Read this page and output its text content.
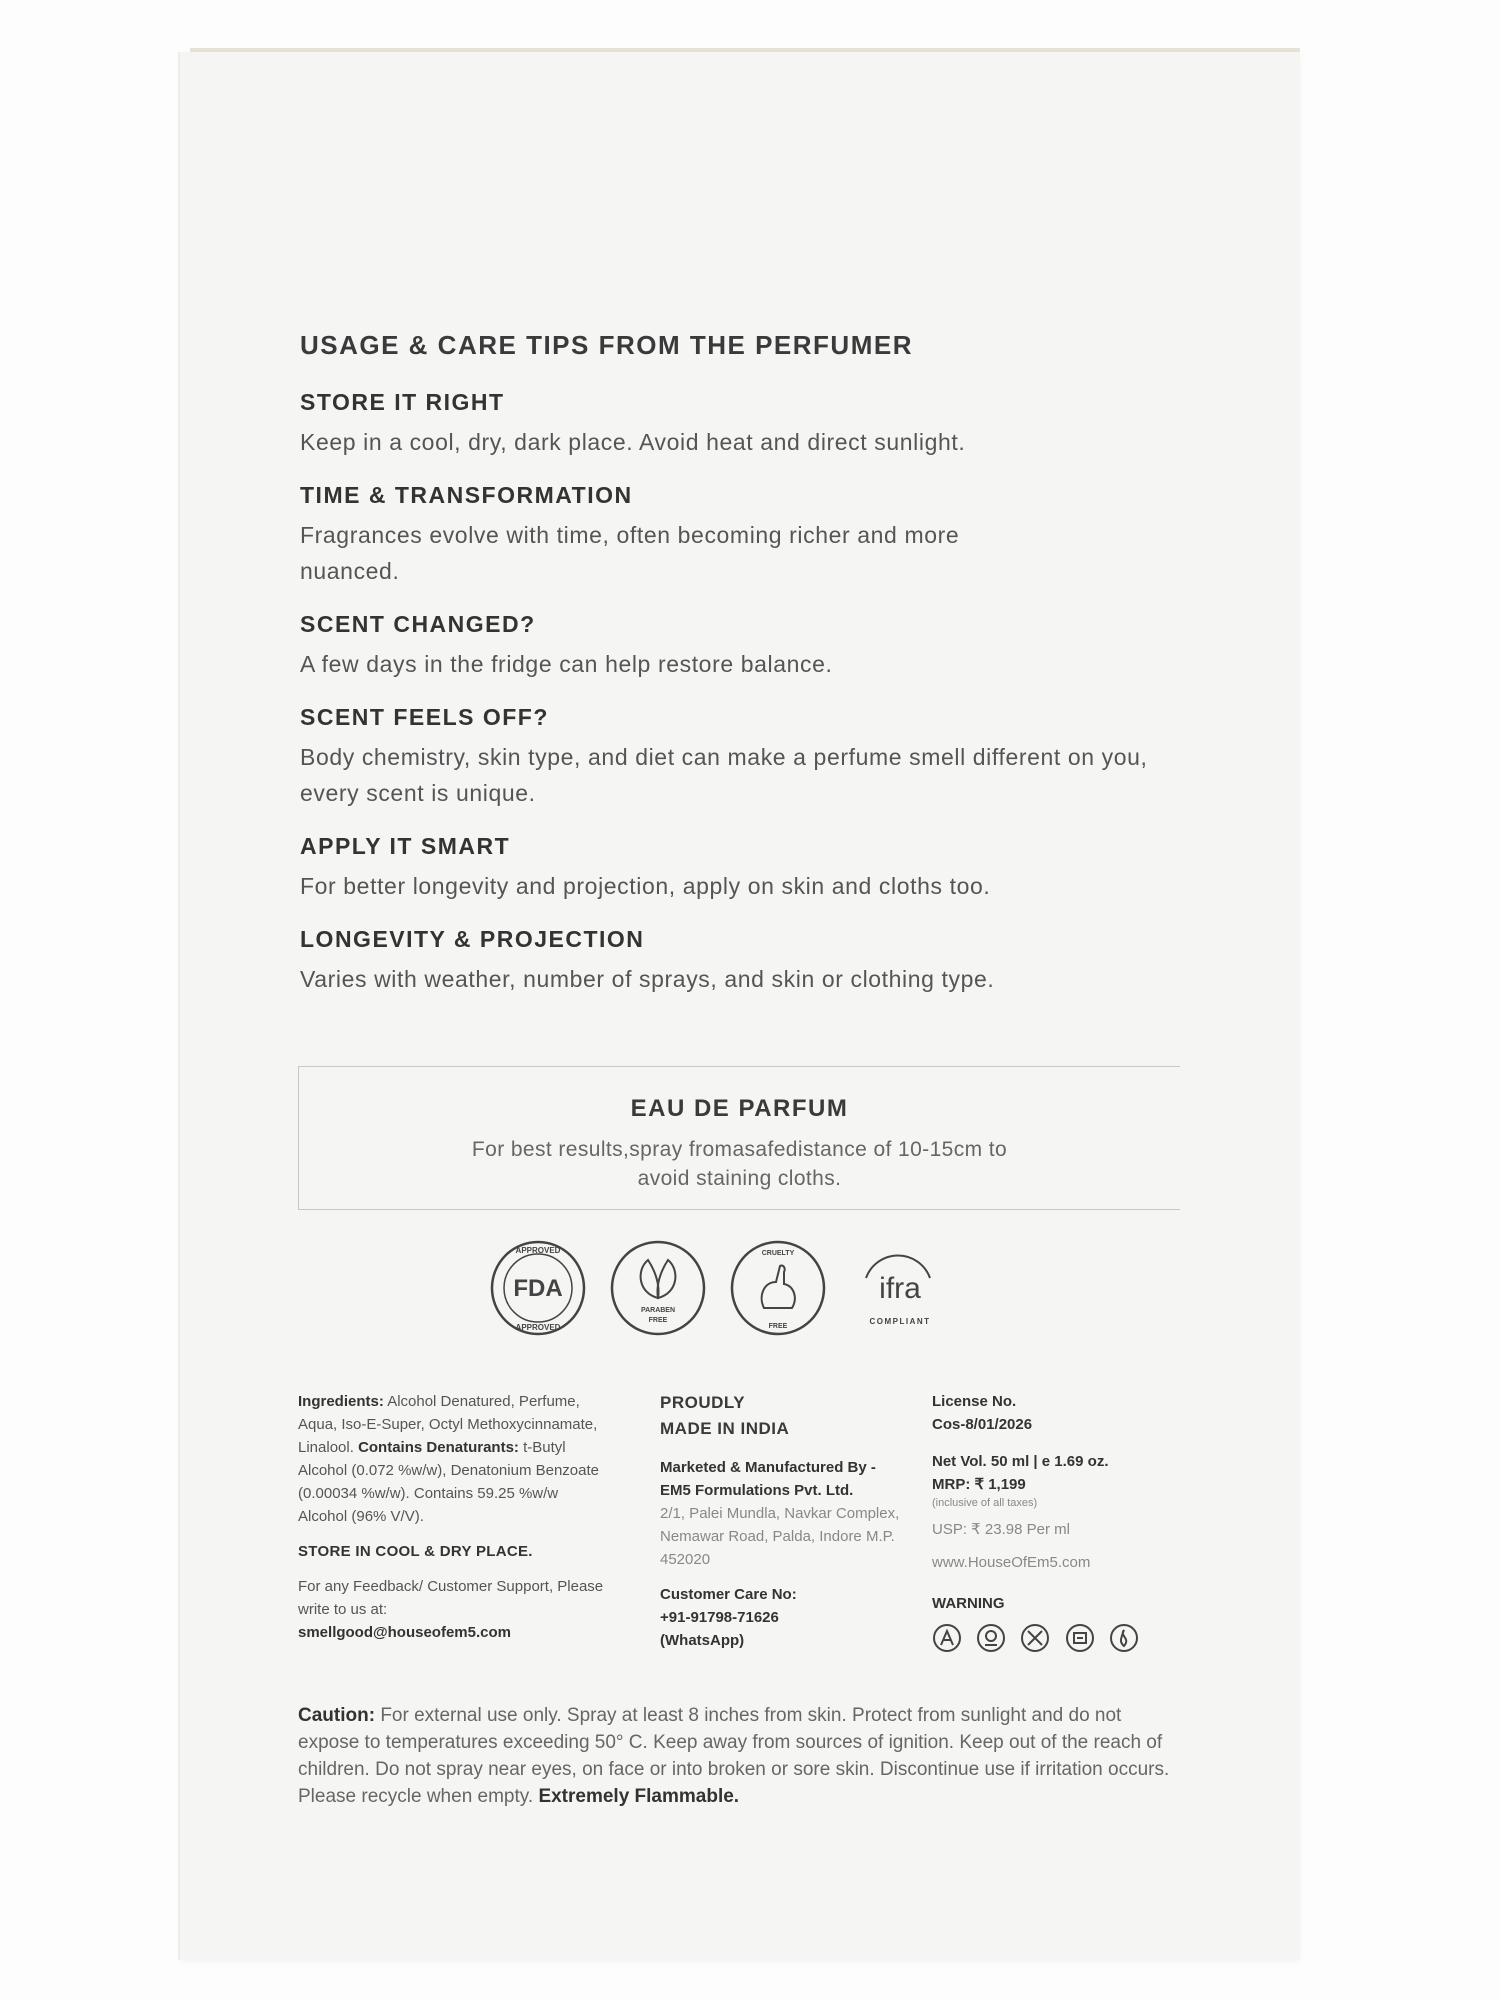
USAGE & CARE TIPS FROM THE PERFUMER

STORE IT RIGHT

Keep in a cool, dry, dark place. Avoid heat and direct sunlight.

TIME & TRANSFORMATION

Fragrances evolve with time, often becoming richer and more nuanced.

SCENT CHANGED?

A few days in the fridge can help restore balance.

SCENT FEELS OFF?

Body chemistry, skin type, and diet can make a perfume smell different on you, every scent is unique.

APPLY IT SMART

For better longevity and projection, apply on skin and cloths too.

LONGEVITY & PROJECTION

Varies with weather, number of sprays, and skin or clothing type.

EAU DE PARFUM
For best results,spray fromasafedistance of 10-15cm to avoid staining cloths.
APPROVED
APPROVED
FDA
PARABEN
FREE
CRUELTY
FREE
ifra
COMPLIANT

Ingredients: Alcohol Denatured, Perfume, Aqua, Iso-E-Super, Octyl Methoxycinnamate, Linalool. Contains Denaturants: t-Butyl Alcohol (0.072 %w/w), Denatonium Benzoate (0.00034 %w/w). Contains 59.25 %w/w Alcohol (96% V/V).

STORE IN COOL & DRY PLACE.

For any Feedback/ Customer Support, Please write to us at:

smellgood@houseofem5.com

PROUDLY

MADE IN INDIA

Marketed & Manufactured By - EM5 Formulations Pvt. Ltd.

2/1, Palei Mundla, Navkar Complex, Nemawar Road, Palda, Indore M.P. 452020

Customer Care No:

+91-91798-71626

(WhatsApp)

License No.

Cos-8/01/2026

Net Vol. 50 ml | e 1.69 oz.

MRP: ₹ 1,199

(inclusive of all taxes)

USP: ₹ 23.98 Per ml

www.HouseOfEm5.com

WARNING

Caution: For external use only. Spray at least 8 inches from skin. Protect from sunlight and do not expose to temperatures exceeding 50° C. Keep away from sources of ignition. Keep out of the reach of children. Do not spray near eyes, on face or into broken or sore skin. Discontinue use if irritation occurs. Please recycle when empty. Extremely Flammable.
